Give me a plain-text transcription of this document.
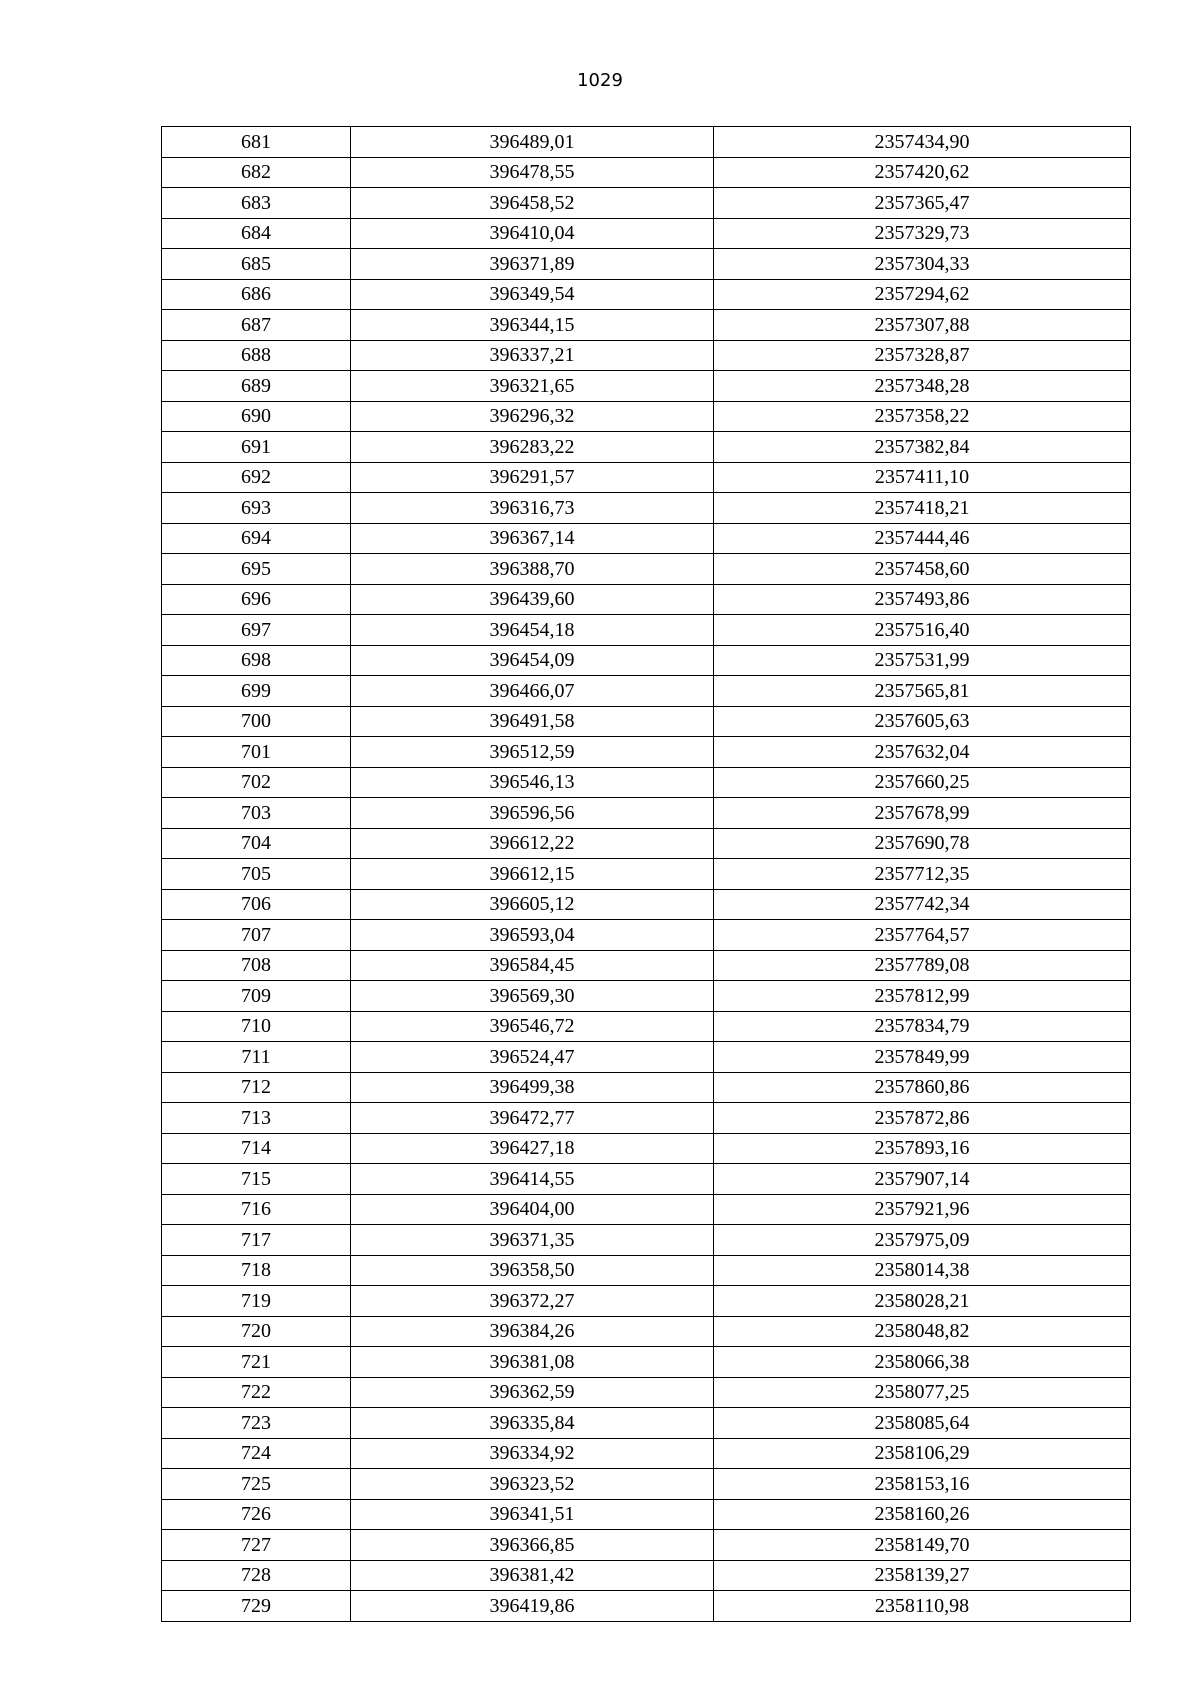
1029
681	396489,01	2357434,90
682	396478,55	2357420,62
683	396458,52	2357365,47
684	396410,04	2357329,73
685	396371,89	2357304,33
686	396349,54	2357294,62
687	396344,15	2357307,88
688	396337,21	2357328,87
689	396321,65	2357348,28
690	396296,32	2357358,22
691	396283,22	2357382,84
692	396291,57	2357411,10
693	396316,73	2357418,21
694	396367,14	2357444,46
695	396388,70	2357458,60
696	396439,60	2357493,86
697	396454,18	2357516,40
698	396454,09	2357531,99
699	396466,07	2357565,81
700	396491,58	2357605,63
701	396512,59	2357632,04
702	396546,13	2357660,25
703	396596,56	2357678,99
704	396612,22	2357690,78
705	396612,15	2357712,35
706	396605,12	2357742,34
707	396593,04	2357764,57
708	396584,45	2357789,08
709	396569,30	2357812,99
710	396546,72	2357834,79
711	396524,47	2357849,99
712	396499,38	2357860,86
713	396472,77	2357872,86
714	396427,18	2357893,16
715	396414,55	2357907,14
716	396404,00	2357921,96
717	396371,35	2357975,09
718	396358,50	2358014,38
719	396372,27	2358028,21
720	396384,26	2358048,82
721	396381,08	2358066,38
722	396362,59	2358077,25
723	396335,84	2358085,64
724	396334,92	2358106,29
725	396323,52	2358153,16
726	396341,51	2358160,26
727	396366,85	2358149,70
728	396381,42	2358139,27
729	396419,86	2358110,98
